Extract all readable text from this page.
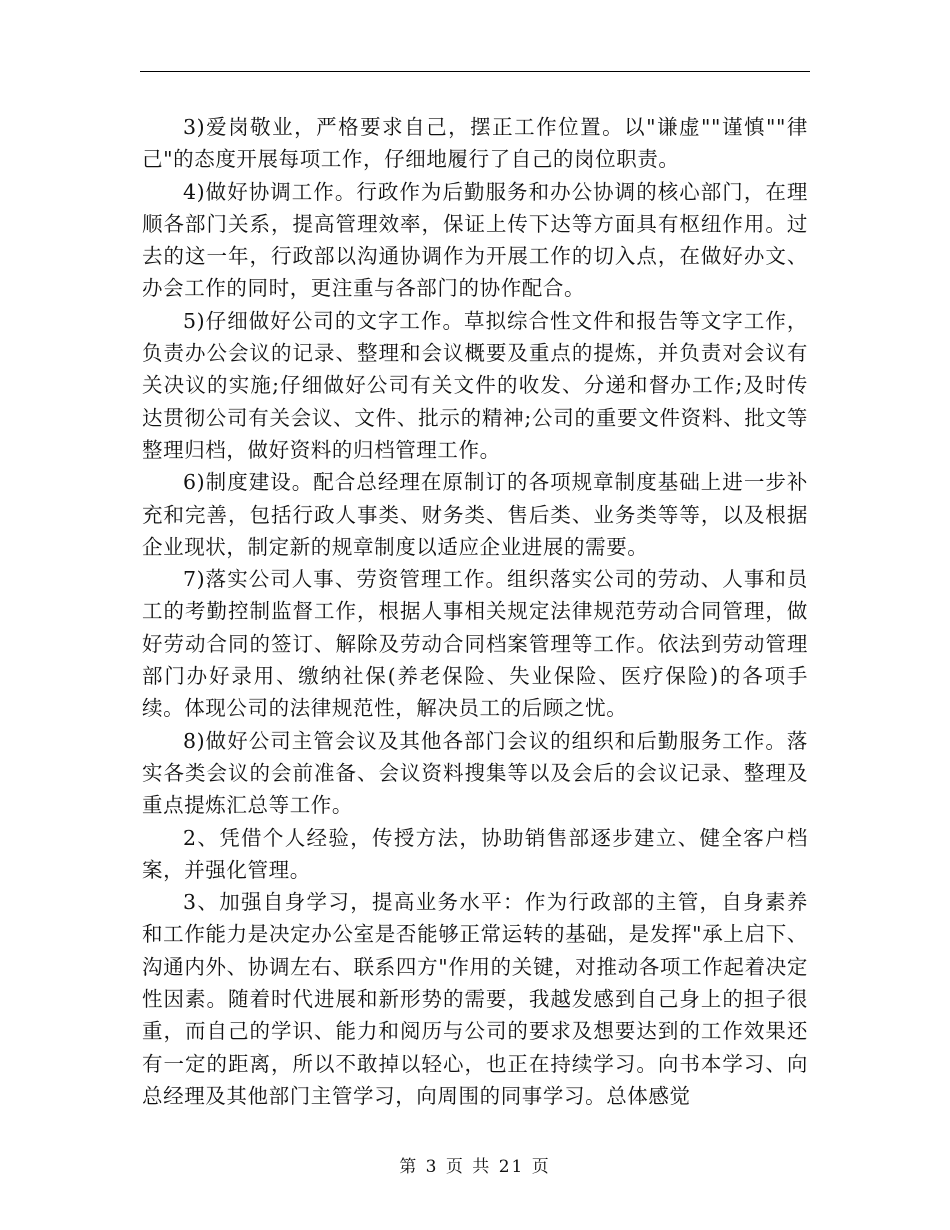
3)爱岗敬业，严格要求自己，摆正工作位置。以"谦虚""谨慎""律己"的态度开展每项工作，仔细地履行了自己的岗位职责。

4)做好协调工作。行政作为后勤服务和办公协调的核心部门，在理顺各部门关系，提高管理效率，保证上传下达等方面具有枢纽作用。过去的这一年，行政部以沟通协调作为开展工作的切入点，在做好办文、办会工作的同时，更注重与各部门的协作配合。

5)仔细做好公司的文字工作。草拟综合性文件和报告等文字工作，负责办公会议的记录、整理和会议概要及重点的提炼，并负责对会议有关决议的实施;仔细做好公司有关文件的收发、分递和督办工作;及时传达贯彻公司有关会议、文件、批示的精神;公司的重要文件资料、批文等整理归档，做好资料的归档管理工作。

6)制度建设。配合总经理在原制订的各项规章制度基础上进一步补充和完善，包括行政人事类、财务类、售后类、业务类等等，以及根据企业现状，制定新的规章制度以适应企业进展的需要。

7)落实公司人事、劳资管理工作。组织落实公司的劳动、人事和员工的考勤控制监督工作，根据人事相关规定法律规范劳动合同管理，做好劳动合同的签订、解除及劳动合同档案管理等工作。依法到劳动管理部门办好录用、缴纳社保(养老保险、失业保险、医疗保险)的各项手续。体现公司的法律规范性，解决员工的后顾之忧。

8)做好公司主管会议及其他各部门会议的组织和后勤服务工作。落实各类会议的会前准备、会议资料搜集等以及会后的会议记录、整理及重点提炼汇总等工作。

2、凭借个人经验，传授方法，协助销售部逐步建立、健全客户档案，并强化管理。

3、加强自身学习，提高业务水平：作为行政部的主管，自身素养和工作能力是决定办公室是否能够正常运转的基础，是发挥"承上启下、沟通内外、协调左右、联系四方"作用的关键，对推动各项工作起着决定性因素。随着时代进展和新形势的需要，我越发感到自己身上的担子很重，而自己的学识、能力和阅历与公司的要求及想要达到的工作效果还有一定的距离，所以不敢掉以轻心，也正在持续学习。向书本学习、向总经理及其他部门主管学习，向周围的同事学习。总体感觉

第 3 页 共 21 页
